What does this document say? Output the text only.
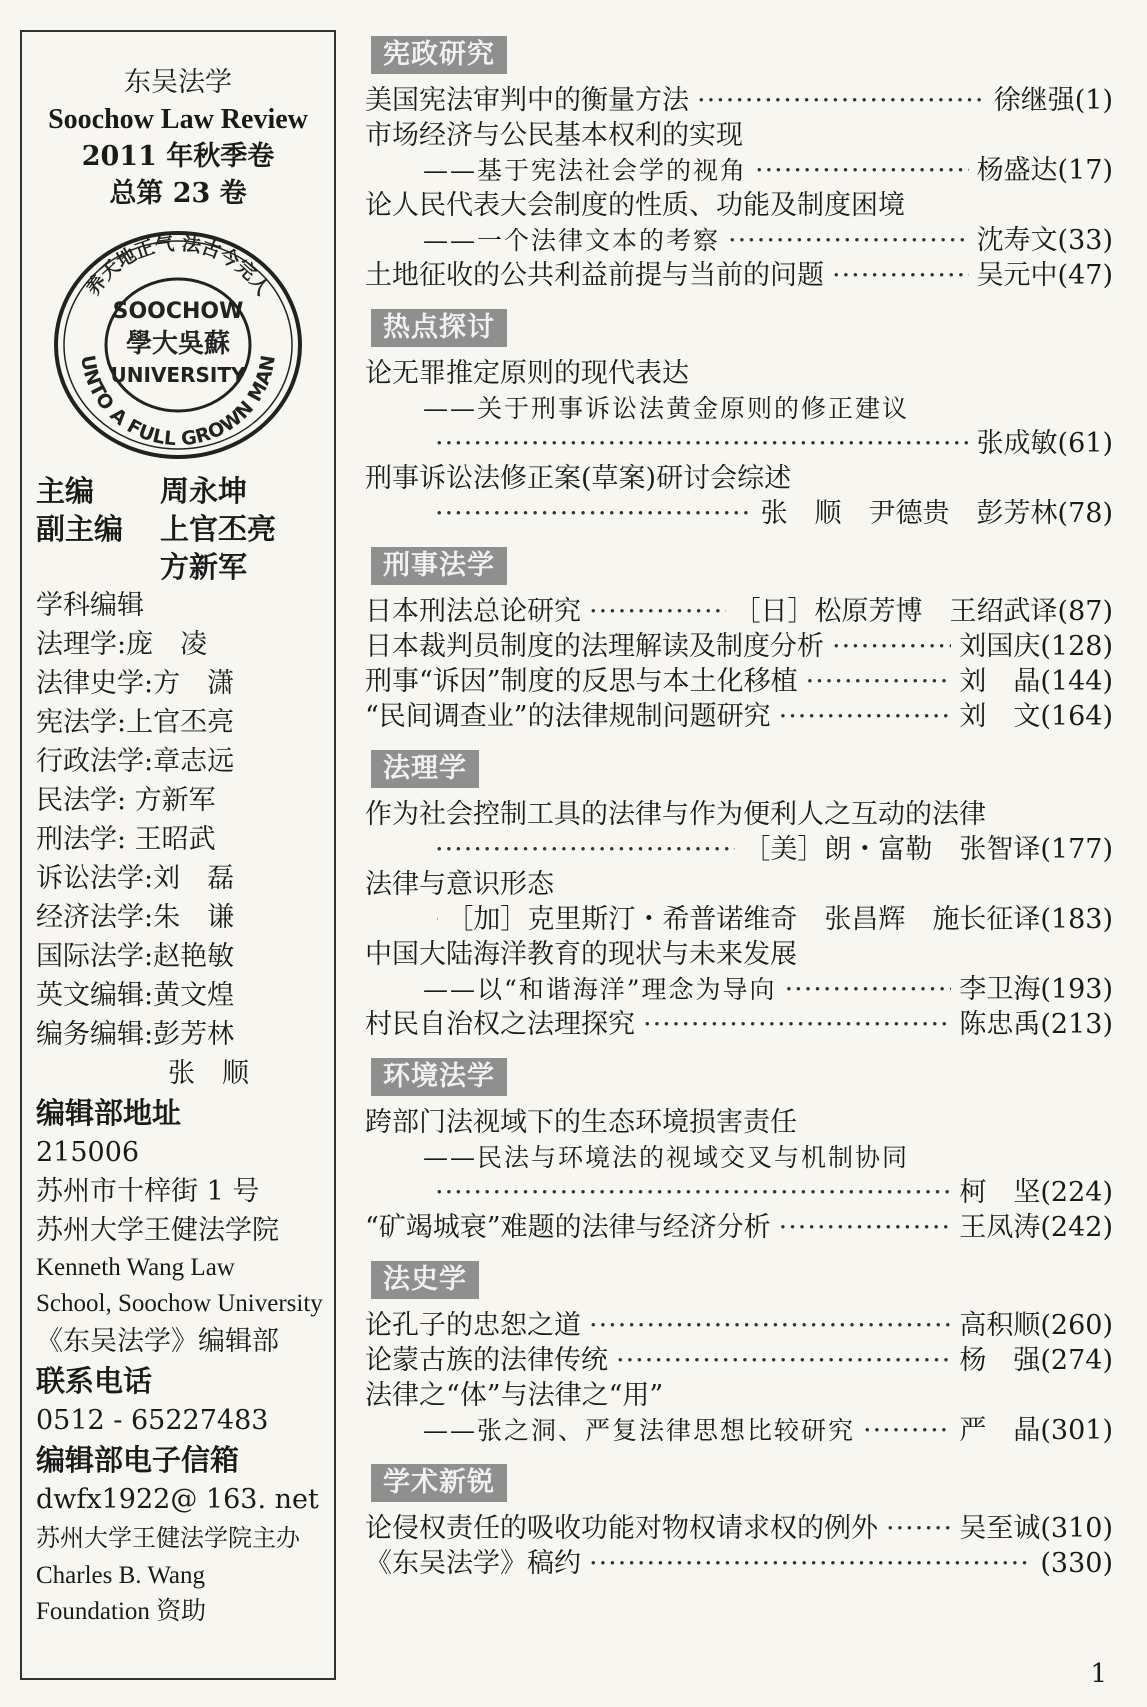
东吴法学
Soochow Law Review
2011 年秋季卷
总第 23 卷
养天地正气 法古今完人
UNTO A FULL GROWN MAN
SOOCHOW
學大吳蘇
UNIVERSITY
主编	周永坤
副主编	上官丕亮
方新军
学科编辑
法理学:庞　凌
法律史学:方　潇
宪法学:上官丕亮
行政法学:章志远
民法学: 方新军
刑法学: 王昭武
诉讼法学:刘　磊
经济法学:朱　谦
国际法学:赵艳敏
英文编辑:黄文煌
编务编辑:彭芳林
张　顺
编辑部地址
215006
苏州市十梓街 1 号
苏州大学王健法学院
Kenneth Wang Law
School, Soochow University
《东吴法学》编辑部
联系电话
0512 - 65227483
编辑部电子信箱
dwfx1922@ 163. net
苏州大学王健法学院主办
Charles B. Wang
Foundation 资助
宪政研究
美国宪法审判中的衡量方法 ·····	徐继强(1)
市场经济与公民基本权利的实现
——基于宪法社会学的视角 ·····	杨盛达(17)
论人民代表大会制度的性质、功能及制度困境
——一个法律文本的考察 ·····	沈寿文(33)
土地征收的公共利益前提与当前的问题 ·····	吴元中(47)
热点探讨
论无罪推定原则的现代表达
——关于刑事诉讼法黄金原则的修正建议
·····
张成敏(61)
刑事诉讼法修正案(草案)研讨会综述
·····
张　顺　尹德贵　彭芳林(78)
刑事法学
日本刑法总论研究 ·····	［日］松原芳博　王绍武译(87)
日本裁判员制度的法理解读及制度分析 ·····	刘国庆(128)
刑事“诉因”制度的反思与本土化移植 ·····	刘　晶(144)
“民间调查业”的法律规制问题研究 ·····	刘　文(164)
法理学
作为社会控制工具的法律与作为便利人之互动的法律
·····
［美］朗・富勒　张智译(177)
法律与意识形态
·····
［加］克里斯汀・希普诺维奇　张昌辉　施长征译(183)
中国大陆海洋教育的现状与未来发展
——以“和谐海洋”理念为导向 ·····	李卫海(193)
村民自治权之法理探究 ·····	陈忠禹(213)
环境法学
跨部门法视域下的生态环境损害责任
——民法与环境法的视域交叉与机制协同
·····
柯　坚(224)
“矿竭城衰”难题的法律与经济分析 ·····	王凤涛(242)
法史学
论孔子的忠恕之道 ·····	高积顺(260)
论蒙古族的法律传统 ·····	杨　强(274)
法律之“体”与法律之“用”
——张之洞、严复法律思想比较研究 ·····	严　晶(301)
学术新锐
论侵权责任的吸收功能对物权请求权的例外 ·····	吴至诚(310)
《东吴法学》稿约 ·····	(330)
1
